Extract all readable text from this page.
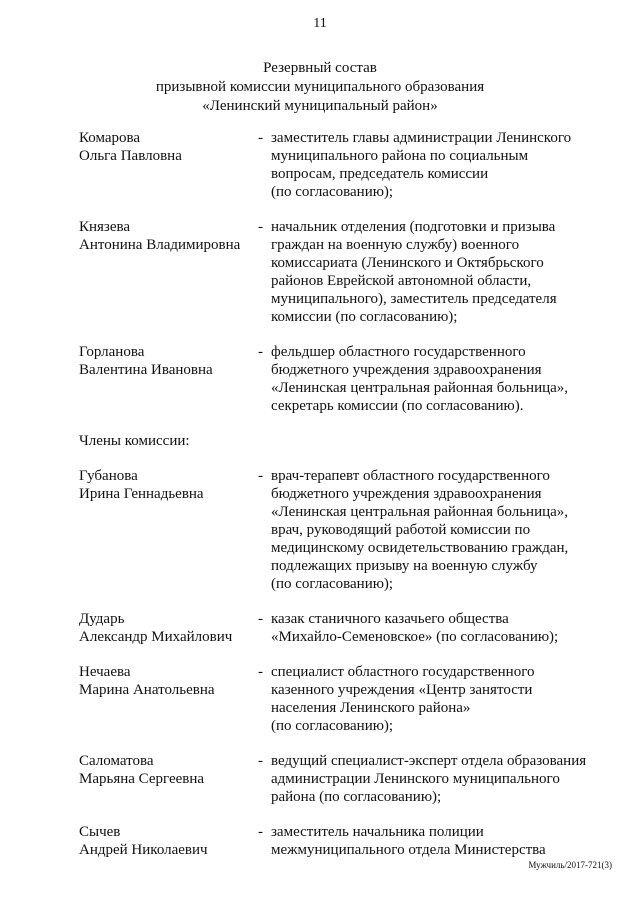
11
Резервный состав
призывной комиссии муниципального образования
«Ленинский муниципальный район»
Комарова
Ольга Павловна
- заместитель главы администрации Ленинского
муниципального района по социальным
вопросам, председатель комиссии
(по согласованию);
Князева
Антонина Владимировна
- начальник отделения (подготовки и призыва
граждан на военную службу) военного
комиссариата (Ленинского и Октябрьского
районов Еврейской автономной области,
муниципального), заместитель председателя
комиссии (по согласованию);
Горланова
Валентина Ивановна
- фельдшер областного государственного
бюджетного учреждения здравоохранения
«Ленинская центральная районная больница»,
секретарь комиссии (по согласованию).
Члены комиссии:
Губанова
Ирина Геннадьевна
- врач-терапевт областного государственного
бюджетного учреждения здравоохранения
«Ленинская центральная районная больница»,
врач, руководящий работой комиссии по
медицинскому освидетельствованию граждан,
подлежащих призыву на военную службу
(по согласованию);
Дударь
Александр Михайлович
- казак станичного казачьего общества
«Михайло-Семеновское» (по согласованию);
Нечаева
Марина Анатольевна
- специалист областного государственного
казенного учреждения «Центр занятости
населения Ленинского района»
(по согласованию);
Саломатова
Марьяна Сергеевна
- ведущий специалист-эксперт отдела образования
администрации Ленинского муниципального
района (по согласованию);
Сычев
Андрей Николаевич
- заместитель начальника полиции
межмуниципального отдела Министерства
Мужчиль/2017-721(3)
